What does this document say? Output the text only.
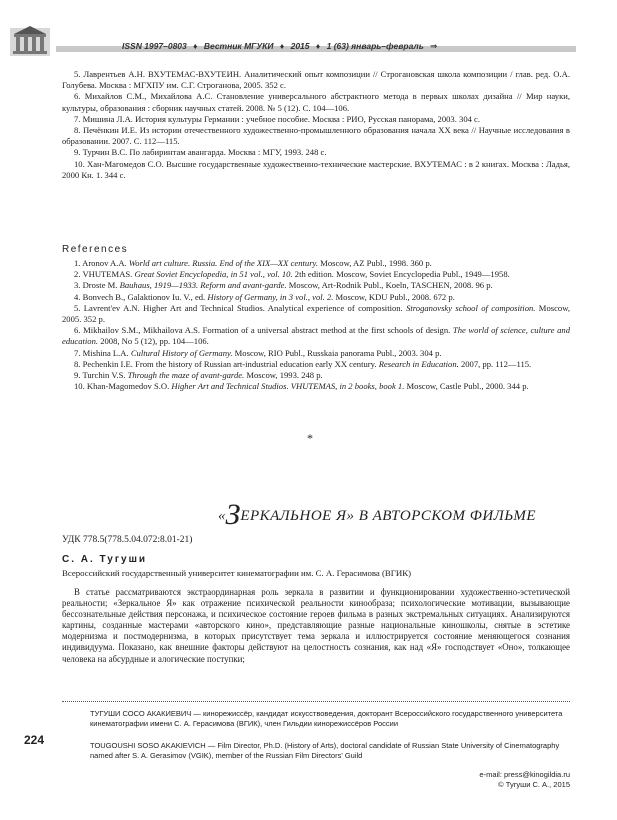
ISSN 1997–0803 ♦ Вестник МГУКИ ♦ 2015 ♦ 1 (63) январь–февраль ⇒

5. Лаврентьев А.Н. ВХУТЕМАС-ВХУТЕИН. Аналитический опыт композиции // Строгановская школа композиции / глав. ред. О.А. Голубева. Москва : МГХПУ им. С.Г. Строганова, 2005. 352 с.

6. Михайлов С.М., Михайлова А.С. Становление универсального абстрактного метода в первых школах дизайна // Мир науки, культуры, образования : сборник научных статей. 2008. № 5 (12). С. 104—106.

7. Мишина Л.А. История культуры Германии : учебное пособие. Москва : РИО, Русская панорама, 2003. 304 с.

8. Печёнкин И.Е. Из истории отечественного художественно-промышленного образования начала ХХ века // Научные исследования в образовании. 2007. С. 112—115.

9. Турчин В.С. По лабиринтам авангарда. Москва : МГУ, 1993. 248 с.

10. Хан-Магомедов С.О. Высшие государственные художественно-технические мастерские. ВХУТЕМАС : в 2 книгах. Москва : Ладья, 2000 Кн. 1. 344 с.

References

1. Aronov A.A. World art culture. Russia. End of the XIX—XX century. Moscow, AZ Publ., 1998. 360 p.

2. VHUTEMAS. Great Soviet Encyclopedia, in 51 vol., vol. 10. 2th edition. Moscow, Soviet Encyclopedia Publ., 1949—1958.

3. Droste M. Bauhaus, 1919—1933. Reform and avant-garde. Moscow, Art-Rodnik Publ., Koeln, TASCHEN, 2008. 96 p.

4. Bonvech B., Galaktionov Iu. V., ed. History of Germany, in 3 vol., vol. 2. Moscow, KDU Publ., 2008. 672 p.

5. Lavrent'ev A.N. Higher Art and Technical Studios. Analytical experience of composition. Stroganovsky school of composition. Moscow, 2005. 352 p.

6. Mikhailov S.M., Mikhailova A.S. Formation of a universal abstract method at the first schools of design. The world of science, culture and education. 2008, No 5 (12), pp. 104—106.

7. Mishina L.A. Cultural History of Germany. Moscow, RIO Publ., Russkaia panorama Publ., 2003. 304 p.

8. Pechenkin I.E. From the history of Russian art-industrial education early XX century. Research in Education. 2007, pp. 112—115.

9. Turchin V.S. Through the maze of avant-garde. Moscow, 1993. 248 p.

10. Khan-Magomedov S.O. Higher Art and Technical Studios. VHUTEMAS, in 2 books, book 1. Moscow, Castle Publ., 2000. 344 p.

*
«ЗЕРКАЛЬНОЕ Я» В АВТОРСКОМ ФИЛЬМЕ
УДК 778.5(778.5.04.072:8.01-21)
С. А. Тугуши
Всероссийский государственный университет кинематографии им. С. А. Герасимова (ВГИК)

В статье рассматриваются экстраординарная роль зеркала в развитии и функционировании художественно-эстетической реальности; «Зеркальное Я» как отражение психической реальности кинообраза; психологические мотивации, вызывающие бессознательные действия персонажа, и психическое состояние героев фильма в разных экстремальных ситуациях. Анализируются картины, созданные мастерами «авторского кино», представляющие разные национальные киношколы, снятые в эстетике модернизма и постмодернизма, в которых присутствует тема зеркала и иллюстрируется состояние меняющегося сознания индивидуума. Показано, как внешние факторы действуют на целостность сознания, как над «Я» господствует «Оно», толкающее человека на абсурдные и алогические поступки;

224

ТУГУШИ СОСО АКАКИЕВИЧ — кинорежиссёр, кандидат искусствоведения, докторант Всероссийского государственного университета кинематографии имени С. А. Герасимова (ВГИК), член Гильдии кинорежиссёров России

TOUGOUSHI SOSO AKAKIEVICH — Film Director, Ph.D. (History of Arts), doctoral candidate of Russian State University of Cinematography named after S. A. Gerasimov (VGIK), member of the Russian Film Directors' Guild

e-mail: press@kinogildia.ru

© Тугуши С. А., 2015
